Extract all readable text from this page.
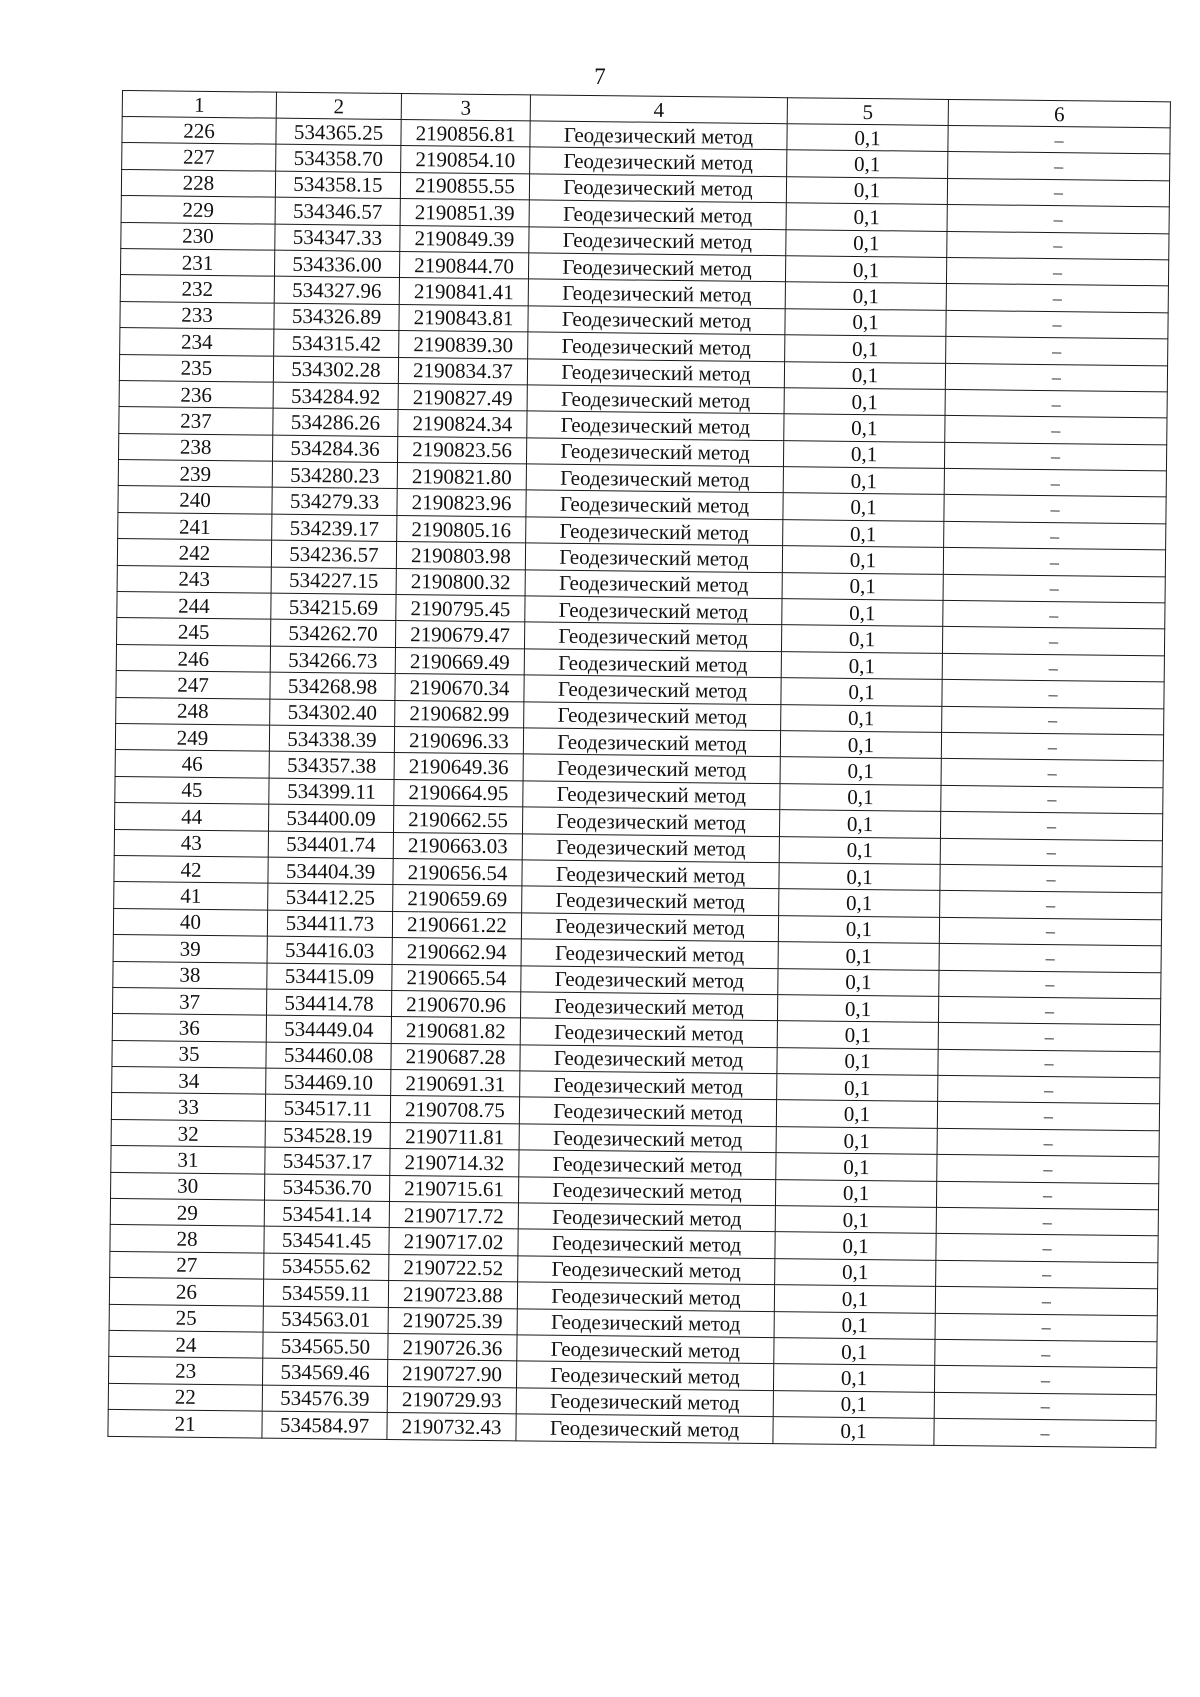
7
1	2	3	4	5	6
226	534365.25	2190856.81	Геодезический метод	0,1	–
227	534358.70	2190854.10	Геодезический метод	0,1	–
228	534358.15	2190855.55	Геодезический метод	0,1	–
229	534346.57	2190851.39	Геодезический метод	0,1	–
230	534347.33	2190849.39	Геодезический метод	0,1	–
231	534336.00	2190844.70	Геодезический метод	0,1	–
232	534327.96	2190841.41	Геодезический метод	0,1	–
233	534326.89	2190843.81	Геодезический метод	0,1	–
234	534315.42	2190839.30	Геодезический метод	0,1	–
235	534302.28	2190834.37	Геодезический метод	0,1	–
236	534284.92	2190827.49	Геодезический метод	0,1	–
237	534286.26	2190824.34	Геодезический метод	0,1	–
238	534284.36	2190823.56	Геодезический метод	0,1	–
239	534280.23	2190821.80	Геодезический метод	0,1	–
240	534279.33	2190823.96	Геодезический метод	0,1	–
241	534239.17	2190805.16	Геодезический метод	0,1	–
242	534236.57	2190803.98	Геодезический метод	0,1	–
243	534227.15	2190800.32	Геодезический метод	0,1	–
244	534215.69	2190795.45	Геодезический метод	0,1	–
245	534262.70	2190679.47	Геодезический метод	0,1	–
246	534266.73	2190669.49	Геодезический метод	0,1	–
247	534268.98	2190670.34	Геодезический метод	0,1	–
248	534302.40	2190682.99	Геодезический метод	0,1	–
249	534338.39	2190696.33	Геодезический метод	0,1	–
46	534357.38	2190649.36	Геодезический метод	0,1	–
45	534399.11	2190664.95	Геодезический метод	0,1	–
44	534400.09	2190662.55	Геодезический метод	0,1	–
43	534401.74	2190663.03	Геодезический метод	0,1	–
42	534404.39	2190656.54	Геодезический метод	0,1	–
41	534412.25	2190659.69	Геодезический метод	0,1	–
40	534411.73	2190661.22	Геодезический метод	0,1	–
39	534416.03	2190662.94	Геодезический метод	0,1	–
38	534415.09	2190665.54	Геодезический метод	0,1	–
37	534414.78	2190670.96	Геодезический метод	0,1	–
36	534449.04	2190681.82	Геодезический метод	0,1	–
35	534460.08	2190687.28	Геодезический метод	0,1	–
34	534469.10	2190691.31	Геодезический метод	0,1	–
33	534517.11	2190708.75	Геодезический метод	0,1	–
32	534528.19	2190711.81	Геодезический метод	0,1	–
31	534537.17	2190714.32	Геодезический метод	0,1	–
30	534536.70	2190715.61	Геодезический метод	0,1	–
29	534541.14	2190717.72	Геодезический метод	0,1	–
28	534541.45	2190717.02	Геодезический метод	0,1	–
27	534555.62	2190722.52	Геодезический метод	0,1	–
26	534559.11	2190723.88	Геодезический метод	0,1	–
25	534563.01	2190725.39	Геодезический метод	0,1	–
24	534565.50	2190726.36	Геодезический метод	0,1	–
23	534569.46	2190727.90	Геодезический метод	0,1	–
22	534576.39	2190729.93	Геодезический метод	0,1	–
21	534584.97	2190732.43	Геодезический метод	0,1	–
